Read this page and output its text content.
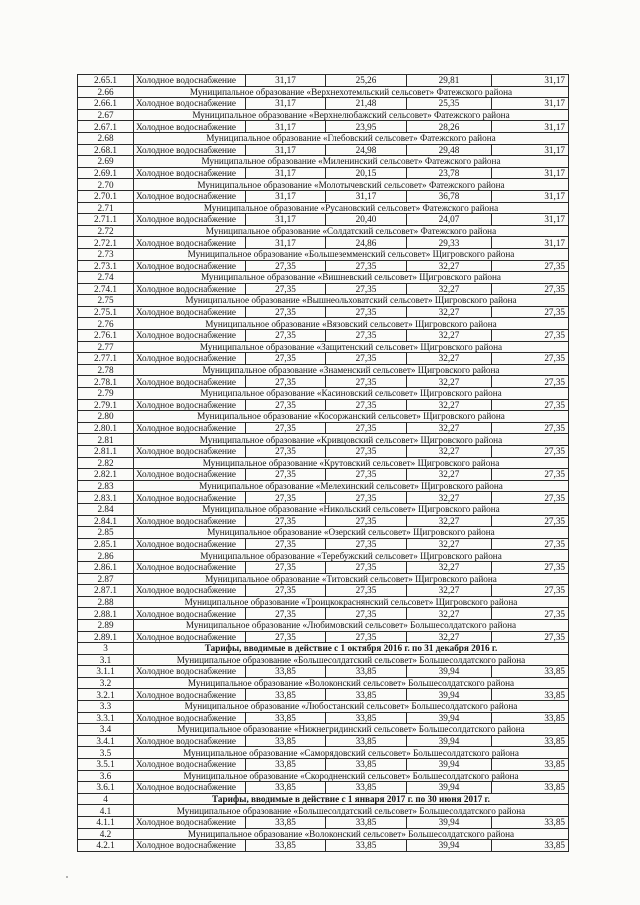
2.65.1	Холодное водоснабжение	31,17	25,26	29,81	31,17
2.66	Муниципальное образование «Верхнехотемльский сельсовет» Фатежского района				
2.66.1	Холодное водоснабжение	31,17	21,48	25,35	31,17
2.67	Муниципальное образование «Верхнелюбажский сельсовет» Фатежского района				
2.67.1	Холодное водоснабжение	31,17	23,95	28,26	31,17
2.68	Муниципальное образование «Глебовский сельсовет» Фатежского района				
2.68.1	Холодное водоснабжение	31,17	24,98	29,48	31,17
2.69	Муниципальное образование «Миленинский сельсовет» Фатежского района				
2.69.1	Холодное водоснабжение	31,17	20,15	23,78	31,17
2.70	Муниципальное образование «Молотычевский сельсовет» Фатежского района				
2.70.1	Холодное водоснабжение	31,17	31,17	36,78	31,17
2.71	Муниципальное образование «Русановский сельсовет» Фатежского района				
2.71.1	Холодное водоснабжение	31,17	20,40	24,07	31,17
2.72	Муниципальное образование «Солдатский сельсовет» Фатежского района				
2.72.1	Холодное водоснабжение	31,17	24,86	29,33	31,17
2.73	Муниципальное образование «Большеземменский сельсовет» Щигровского района				
2.73.1	Холодное водоснабжение	27,35	27,35	32,27	27,35
2.74	Муниципальное образование «Вишневский сельсовет» Щигровского района				
2.74.1	Холодное водоснабжение	27,35	27,35	32,27	27,35
2.75	Муниципальное образование «Вышнеольховатский сельсовет» Щигровского района				
2.75.1	Холодное водоснабжение	27,35	27,35	32,27	27,35
2.76	Муниципальное образование «Вязовский сельсовет» Щигровского района				
2.76.1	Холодное водоснабжение	27,35	27,35	32,27	27,35
2.77	Муниципальное образование «Защитенский сельсовет» Щигровского района				
2.77.1	Холодное водоснабжение	27,35	27,35	32,27	27,35
2.78	Муниципальное образование «Знаменский сельсовет» Щигровского района				
2.78.1	Холодное водоснабжение	27,35	27,35	32,27	27,35
2.79	Муниципальное образование «Касиновский сельсовет» Щигровского района				
2.79.1	Холодное водоснабжение	27,35	27,35	32,27	27,35
2.80	Муниципальное образование «Косоржанский сельсовет» Щигровского района				
2.80.1	Холодное водоснабжение	27,35	27,35	32,27	27,35
2.81	Муниципальное образование «Кривцовский сельсовет» Щигровского района				
2.81.1	Холодное водоснабжение	27,35	27,35	32,27	27,35
2.82	Муниципальное образование «Крутовский сельсовет» Щигровского района				
2.82.1	Холодное водоснабжение	27,35	27,35	32,27	27,35
2.83	Муниципальное образование «Мелехинский сельсовет» Щигровского района				
2.83.1	Холодное водоснабжение	27,35	27,35	32,27	27,35
2.84	Муниципальное образование «Никольский сельсовет» Щигровского района				
2.84.1	Холодное водоснабжение	27,35	27,35	32,27	27,35
2.85	Муниципальное образование «Озерский сельсовет» Щигровского района				
2.85.1	Холодное водоснабжение	27,35	27,35	32,27	27,35
2.86	Муниципальное образование «Теребужский сельсовет» Щигровского района				
2.86.1	Холодное водоснабжение	27,35	27,35	32,27	27,35
2.87	Муниципальное образование «Титовский сельсовет» Щигровского района				
2.87.1	Холодное водоснабжение	27,35	27,35	32,27	27,35
2.88	Муниципальное образование «Троицкокраснянский сельсовет» Щигровского района				
2.88.1	Холодное водоснабжение	27,35	27,35	32,27	27,35
2.89	Муниципальное образование «Любимовский сельсовет» Большесолдатского района				
2.89.1	Холодное водоснабжение	27,35	27,35	32,27	27,35
3	Тарифы, вводимые в действие с 1 октября 2016 г. по 31 декабря 2016 г.				
3.1	Муниципальное образование «Большесолдатский сельсовет» Большесолдатского района				
3.1.1	Холодное водоснабжение	33,85	33,85	39,94	33,85
3.2	Муниципальное образование «Волоконский сельсовет» Большесолдатского района				
3.2.1	Холодное водоснабжение	33,85	33,85	39,94	33,85
3.3	Муниципальное образование «Любостанский сельсовет» Большесолдатского района				
3.3.1	Холодное водоснабжение	33,85	33,85	39,94	33,85
3.4	Муниципальное образование «Нижнегридинский сельсовет» Большесолдатского района				
3.4.1	Холодное водоснабжение	33,85	33,85	39,94	33,85
3.5	Муниципальное образование «Саморядовский сельсовет» Большесолдатского района				
3.5.1	Холодное водоснабжение	33,85	33,85	39,94	33,85
3.6	Муниципальное образование «Скородненский сельсовет» Большесолдатского района				
3.6.1	Холодное водоснабжение	33,85	33,85	39,94	33,85
4	Тарифы, вводимые в действие с 1 января 2017 г. по 30 июня 2017 г.				
4.1	Муниципальное образование «Большесолдатский сельсовет» Большесолдатского района				
4.1.1	Холодное водоснабжение	33,85	33,85	39,94	33,85
4.2	Муниципальное образование «Волоконский сельсовет» Большесолдатского района				
4.2.1	Холодное водоснабжение	33,85	33,85	39,94	33,85
